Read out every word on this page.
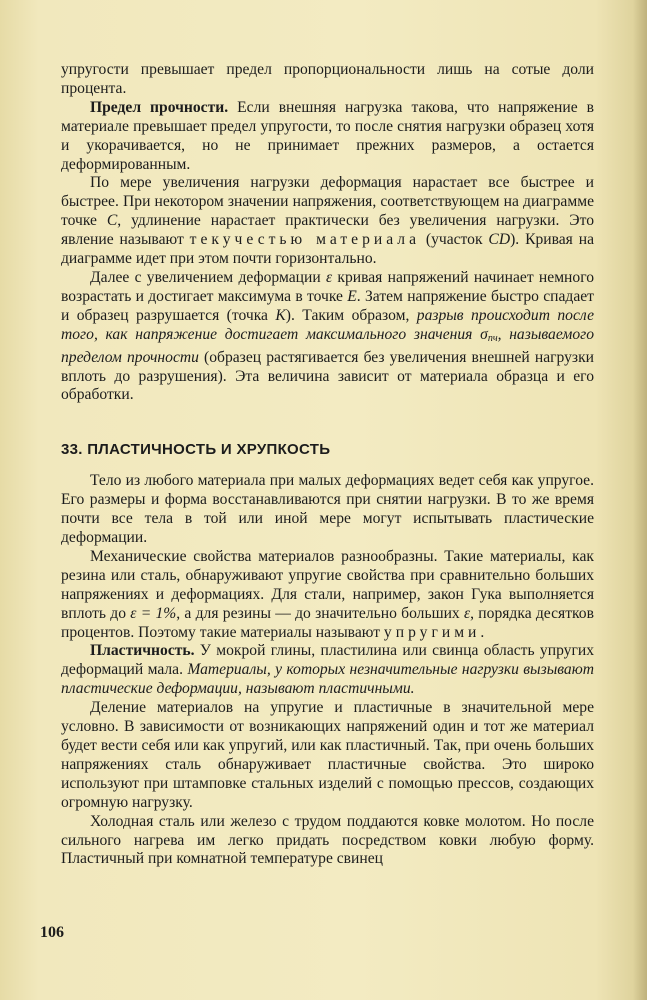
упругости превышает предел пропорциональности лишь на сотые доли процента.

Предел прочности. Если внешняя нагрузка такова, что напряжение в материале превышает предел упругости, то после снятия нагрузки образец хотя и укорачивается, но не принимает прежних размеров, а остается деформированным.

По мере увеличения нагрузки деформация нарастает все быстрее и быстрее. При некотором значении напряжения, соответствующем на диаграмме точке C, удлинение нарастает практически без увеличения нагрузки. Это явление называют текучестью материала (участок CD). Кривая на диаграмме идет при этом почти горизонтально.

Далее с увеличением деформации ε кривая напряжений начинает немного возрастать и достигает максимума в точке E. Затем напряжение быстро спадает и образец разрушается (точка K). Таким образом, разрыв происходит после того, как напряжение достигает максимального значения $\sigma_{пч}$, называемого пределом прочности (образец растягивается без увеличения внешней нагрузки вплоть до разрушения). Эта величина зависит от материала образца и его обработки.

33. ПЛАСТИЧНОСТЬ И ХРУПКОСТЬ

Тело из любого материала при малых деформациях ведет себя как упругое. Его размеры и форма восстанавливаются при снятии нагрузки. В то же время почти все тела в той или иной мере могут испытывать пластические деформации.

Механические свойства материалов разнообразны. Такие материалы, как резина или сталь, обнаруживают упругие свойства при сравнительно больших напряжениях и деформациях. Для стали, например, закон Гука выполняется вплоть до ε = 1%, а для резины — до значительно больших ε, порядка десятков процентов. Поэтому такие материалы называют упругими.

Пластичность. У мокрой глины, пластилина или свинца область упругих деформаций мала. Материалы, у которых незначительные нагрузки вызывают пластические деформации, называют пластичными.

Деление материалов на упругие и пластичные в значительной мере условно. В зависимости от возникающих напряжений один и тот же материал будет вести себя или как упругий, или как пластичный. Так, при очень больших напряжениях сталь обнаруживает пластичные свойства. Это широко используют при штамповке стальных изделий с помощью прессов, создающих огромную нагрузку.

Холодная сталь или железо с трудом поддаются ковке молотом. Но после сильного нагрева им легко придать посредством ковки любую форму. Пластичный при комнатной температуре свинец

106
